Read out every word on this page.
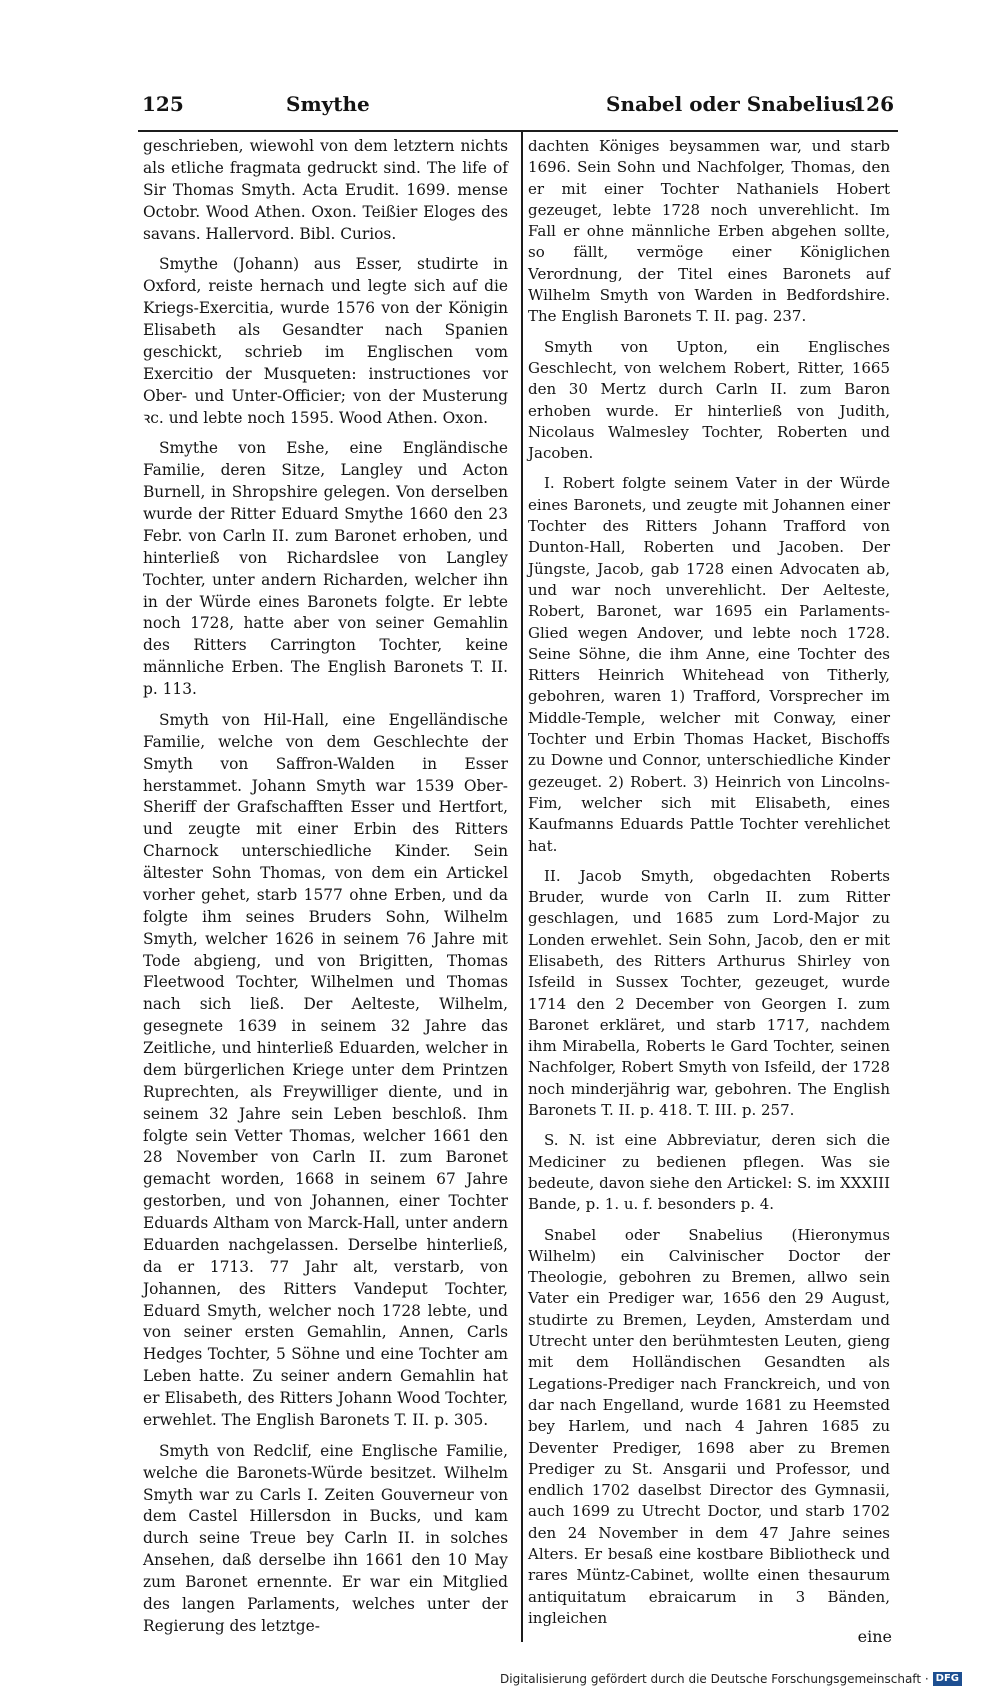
125	Smythe	Snabel oder Snabelius
126

geschrieben, wiewohl von dem letztern nichts als etliche fragmata gedruckt sind. The life of Sir Thomas Smyth. Acta Erudit. 1699. mense Octobr. Wood Athen. Oxon. Teißier Eloges des savans. Hallervord. Bibl. Curios.

Smythe (Johann) aus Esser, studirte in Oxford, reiste hernach und legte sich auf die Kriegs-Exercitia, wurde 1576 von der Königin Elisabeth als Gesandter nach Spanien geschickt, schrieb im Englischen vom Exercitio der Musqueten: instructiones vor Ober- und Unter-Officier; von der Musterung ꝛc. und lebte noch 1595. Wood Athen. Oxon.

Smythe von Eshe, eine Engländische Familie, deren Sitze, Langley und Acton Burnell, in Shropshire gelegen. Von derselben wurde der Ritter Eduard Smythe 1660 den 23 Febr. von Carln II. zum Baronet erhoben, und hinterließ von Richardslee von Langley Tochter, unter andern Richarden, welcher ihn in der Würde eines Baronets folgte. Er lebte noch 1728, hatte aber von seiner Gemahlin des Ritters Carrington Tochter, keine männliche Erben. The English Baronets T. II. p. 113.

Smyth von Hil-Hall, eine Engelländische Familie, welche von dem Geschlechte der Smyth von Saffron-Walden in Esser herstammet. Johann Smyth war 1539 Ober-Sheriff der Grafschafften Esser und Hertfort, und zeugte mit einer Erbin des Ritters Charnock unterschiedliche Kinder. Sein ältester Sohn Thomas, von dem ein Artickel vorher gehet, starb 1577 ohne Erben, und da folgte ihm seines Bruders Sohn, Wilhelm Smyth, welcher 1626 in seinem 76 Jahre mit Tode abgieng, und von Brigitten, Thomas Fleetwood Tochter, Wilhelmen und Thomas nach sich ließ. Der Aelteste, Wilhelm, gesegnete 1639 in seinem 32 Jahre das Zeitliche, und hinterließ Eduarden, welcher in dem bürgerlichen Kriege unter dem Printzen Ruprechten, als Freywilliger diente, und in seinem 32 Jahre sein Leben beschloß. Ihm folgte sein Vetter Thomas, welcher 1661 den 28 November von Carln II. zum Baronet gemacht worden, 1668 in seinem 67 Jahre gestorben, und von Johannen, einer Tochter Eduards Altham von Marck-Hall, unter andern Eduarden nachgelassen. Derselbe hinterließ, da er 1713. 77 Jahr alt, verstarb, von Johannen, des Ritters Vandeput Tochter, Eduard Smyth, welcher noch 1728 lebte, und von seiner ersten Gemahlin, Annen, Carls Hedges Tochter, 5 Söhne und eine Tochter am Leben hatte. Zu seiner andern Gemahlin hat er Elisabeth, des Ritters Johann Wood Tochter, erwehlet. The English Baronets T. II. p. 305.

Smyth von Redclif, eine Englische Familie, welche die Baronets-Würde besitzet. Wilhelm Smyth war zu Carls I. Zeiten Gouverneur von dem Castel Hillersdon in Bucks, und kam durch seine Treue bey Carln II. in solches Ansehen, daß derselbe ihn 1661 den 10 May zum Baronet ernennte. Er war ein Mitglied des langen Parlaments, welches unter der Regierung des letztge-

dachten Königes beysammen war, und starb 1696. Sein Sohn und Nachfolger, Thomas, den er mit einer Tochter Nathaniels Hobert gezeuget, lebte 1728 noch unverehlicht. Im Fall er ohne männliche Erben abgehen sollte, so fällt, vermöge einer Königlichen Verordnung, der Titel eines Baronets auf Wilhelm Smyth von Warden in Bedfordshire. The English Baronets T. II. pag. 237.

Smyth von Upton, ein Englisches Geschlecht, von welchem Robert, Ritter, 1665 den 30 Mertz durch Carln II. zum Baron erhoben wurde. Er hinterließ von Judith, Nicolaus Walmesley Tochter, Roberten und Jacoben.

I. Robert folgte seinem Vater in der Würde eines Baronets, und zeugte mit Johannen einer Tochter des Ritters Johann Trafford von Dunton-Hall, Roberten und Jacoben. Der Jüngste, Jacob, gab 1728 einen Advocaten ab, und war noch unverehlicht. Der Aelteste, Robert, Baronet, war 1695 ein Parlaments-Glied wegen Andover, und lebte noch 1728. Seine Söhne, die ihm Anne, eine Tochter des Ritters Heinrich Whitehead von Titherly, gebohren, waren 1) Trafford, Vorsprecher im Middle-Temple, welcher mit Conway, einer Tochter und Erbin Thomas Hacket, Bischoffs zu Downe und Connor, unterschiedliche Kinder gezeuget. 2) Robert. 3) Heinrich von Lincolns-Fim, welcher sich mit Elisabeth, eines Kaufmanns Eduards Pattle Tochter verehlichet hat.

II. Jacob Smyth, obgedachten Roberts Bruder, wurde von Carln II. zum Ritter geschlagen, und 1685 zum Lord-Major zu Londen erwehlet. Sein Sohn, Jacob, den er mit Elisabeth, des Ritters Arthurus Shirley von Isfeild in Sussex Tochter, gezeuget, wurde 1714 den 2 December von Georgen I. zum Baronet erkläret, und starb 1717, nachdem ihm Mirabella, Roberts le Gard Tochter, seinen Nachfolger, Robert Smyth von Isfeild, der 1728 noch minderjährig war, gebohren. The English Baronets T. II. p. 418. T. III. p. 257.

S. N. ist eine Abbreviatur, deren sich die Mediciner zu bedienen pflegen. Was sie bedeute, davon siehe den Artickel: S. im XXXIII Bande, p. 1. u. f. besonders p. 4.

Snabel oder Snabelius (Hieronymus Wilhelm) ein Calvinischer Doctor der Theologie, gebohren zu Bremen, allwo sein Vater ein Prediger war, 1656 den 29 August, studirte zu Bremen, Leyden, Amsterdam und Utrecht unter den berühmtesten Leuten, gieng mit dem Holländischen Gesandten als Legations-Prediger nach Franckreich, und von dar nach Engelland, wurde 1681 zu Heemsted bey Harlem, und nach 4 Jahren 1685 zu Deventer Prediger, 1698 aber zu Bremen Prediger zu St. Ansgarii und Professor, und endlich 1702 daselbst Director des Gymnasii, auch 1699 zu Utrecht Doctor, und starb 1702 den 24 November in dem 47 Jahre seines Alters. Er besaß eine kostbare Bibliotheck und rares Müntz-Cabinet, wollte einen thesaurum antiquitatum ebraicarum in 3 Bänden, ingleichen

eine
Digitalisierung gefördert durch die Deutsche Forschungsgemeinschaft · DFG
